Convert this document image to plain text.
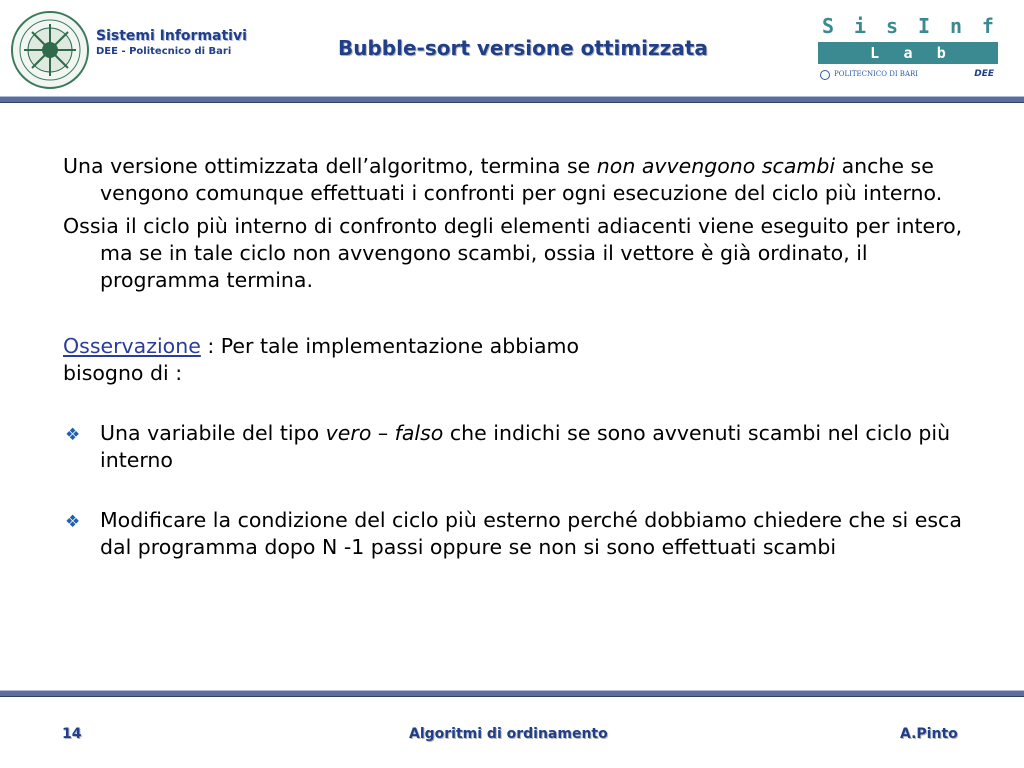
Sistemi Informativi
DEE - Politecnico di Bari	Bubble-sort versione ottimizzata
S i s I n f
L a b
POLITECNICO DI BARI	DEE

Una versione ottimizzata dell’algoritmo, termina se non avvengono scambi anche se vengono comunque effettuati i confronti per ogni esecuzione del ciclo più interno.

Ossia il ciclo più interno di confronto degli elementi adiacenti viene eseguito per intero, ma se in tale ciclo non avvengono scambi, ossia il vettore è già ordinato, il programma termina.

Osservazione : Per tale implementazione abbiamo

bisogno di :

❖ Una variabile del tipo vero – falso che indichi se sono avvenuti scambi nel ciclo più interno

❖ Modificare la condizione del ciclo più esterno perché dobbiamo chiedere che si esca dal programma dopo N -1 passi oppure se non si sono effettuati scambi

14	Algoritmi di ordinamento	A.Pinto
